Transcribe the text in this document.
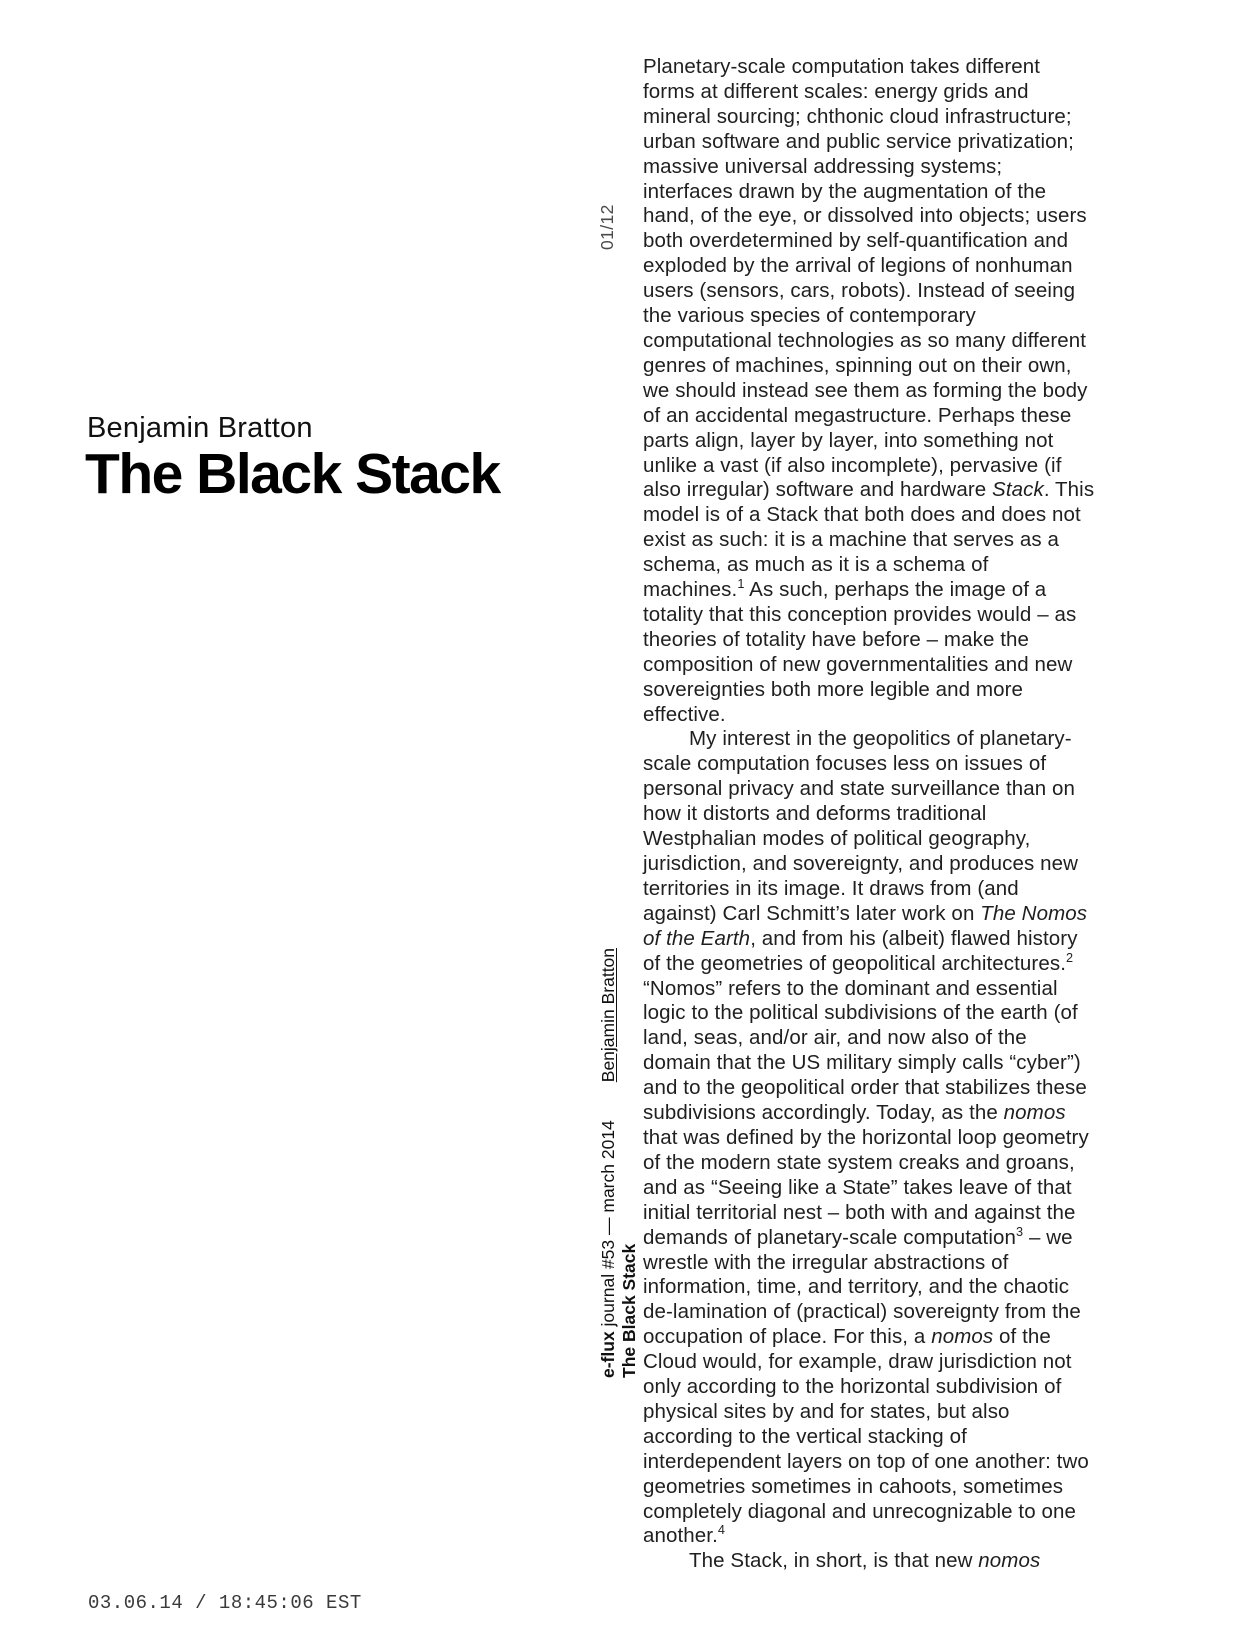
01/12
Benjamin Bratton
The Black Stack
e-flux journal #53 — march 2014Benjamin Bratton
The Black Stack

Planetary-scale computation takes different forms at different scales: energy grids and mineral sourcing; chthonic cloud infrastructure; urban software and public service privatization; massive universal addressing systems; interfaces drawn by the augmentation of the hand, of the eye, or dissolved into objects; users both overdetermined by self-quantification and exploded by the arrival of legions of nonhuman users (sensors, cars, robots). Instead of seeing the various species of contemporary computational technologies as so many different genres of machines, spinning out on their own, we should instead see them as forming the body of an accidental megastructure. Perhaps these parts align, layer by layer, into something not unlike a vast (if also incomplete), pervasive (if also irregular) software and hardware Stack. This model is of a Stack that both does and does not exist as such: it is a machine that serves as a schema, as much as it is a schema of machines.$^1$ As such, perhaps the image of a totality that this conception provides would – as theories of totality have before – make the composition of new governmentalities and new sovereignties both more legible and more effective.

My interest in the geopolitics of planetary-scale computation focuses less on issues of personal privacy and state surveillance than on how it distorts and deforms traditional Westphalian modes of political geography, jurisdiction, and sovereignty, and produces new territories in its image. It draws from (and against) Carl Schmitt’s later work on The Nomos of the Earth, and from his (albeit) flawed history of the geometries of geopolitical architectures.$^2$ “Nomos” refers to the dominant and essential logic to the political subdivisions of the earth (of land, seas, and/or air, and now also of the domain that the US military simply calls “cyber”) and to the geopolitical order that stabilizes these subdivisions accordingly. Today, as the nomos that was defined by the horizontal loop geometry of the modern state system creaks and groans, and as “Seeing like a State” takes leave of that initial territorial nest – both with and against the demands of planetary-scale computation$^3$ – we wrestle with the irregular abstractions of information, time, and territory, and the chaotic de-lamination of (practical) sovereignty from the occupation of place. For this, a nomos of the Cloud would, for example, draw jurisdiction not only according to the horizontal subdivision of physical sites by and for states, but also according to the vertical stacking of interdependent layers on top of one another: two geometries sometimes in cahoots, sometimes completely diagonal and unrecognizable to one another.$^4$

The Stack, in short, is that new nomos

03.06.14 / 18:45:06 EST
